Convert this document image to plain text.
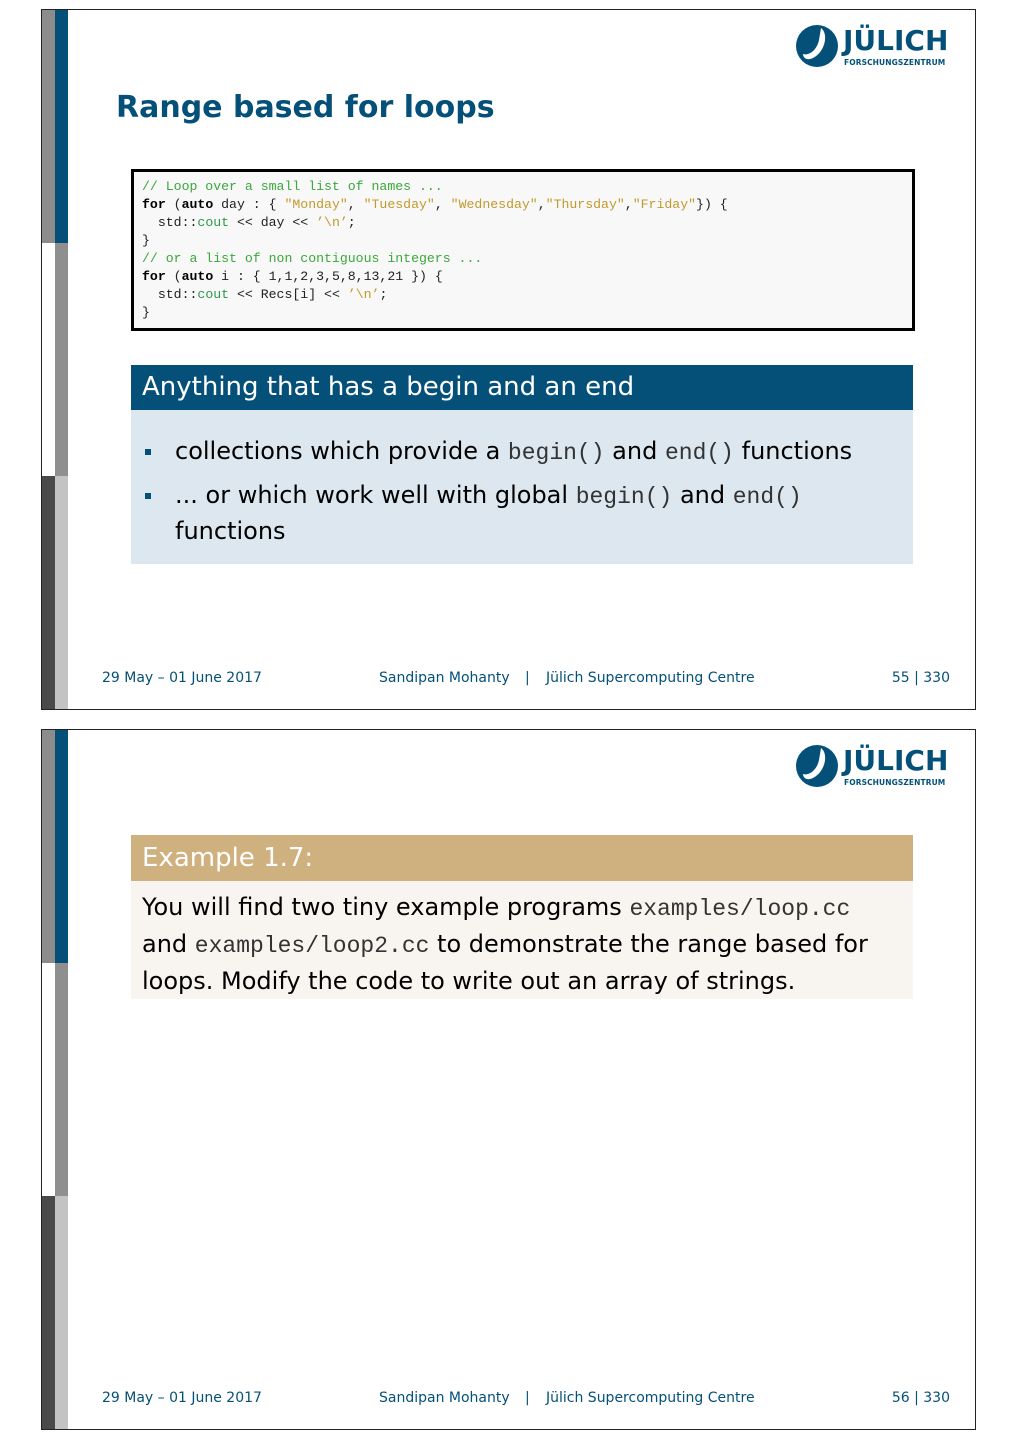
JÜLICH
FORSCHUNGSZENTRUM
Range based for loops
// Loop over a small list of names ...
for (auto day : { "Monday", "Tuesday", "Wednesday","Thursday","Friday"}) {
std::cout << day << ’\n’;
}
// or a list of non contiguous integers ...
for (auto i : { 1,1,2,3,5,8,13,21 }) {
std::cout << Recs[i] << ’\n’;
}
Anything that has a begin and an end
collections which provide a begin() and end() functions
... or which work well with global begin() and end() functions
29 May – 01 June 2017	Sandipan Mohanty | Jülich Supercomputing Centre	55 | 330
JÜLICH
FORSCHUNGSZENTRUM
Example 1.7:
You will find two tiny example programs examples/loop.cc and examples/loop2.cc to demonstrate the range based for loops. Modify the code to write out an array of strings.
29 May – 01 June 2017	Sandipan Mohanty | Jülich Supercomputing Centre	56 | 330
